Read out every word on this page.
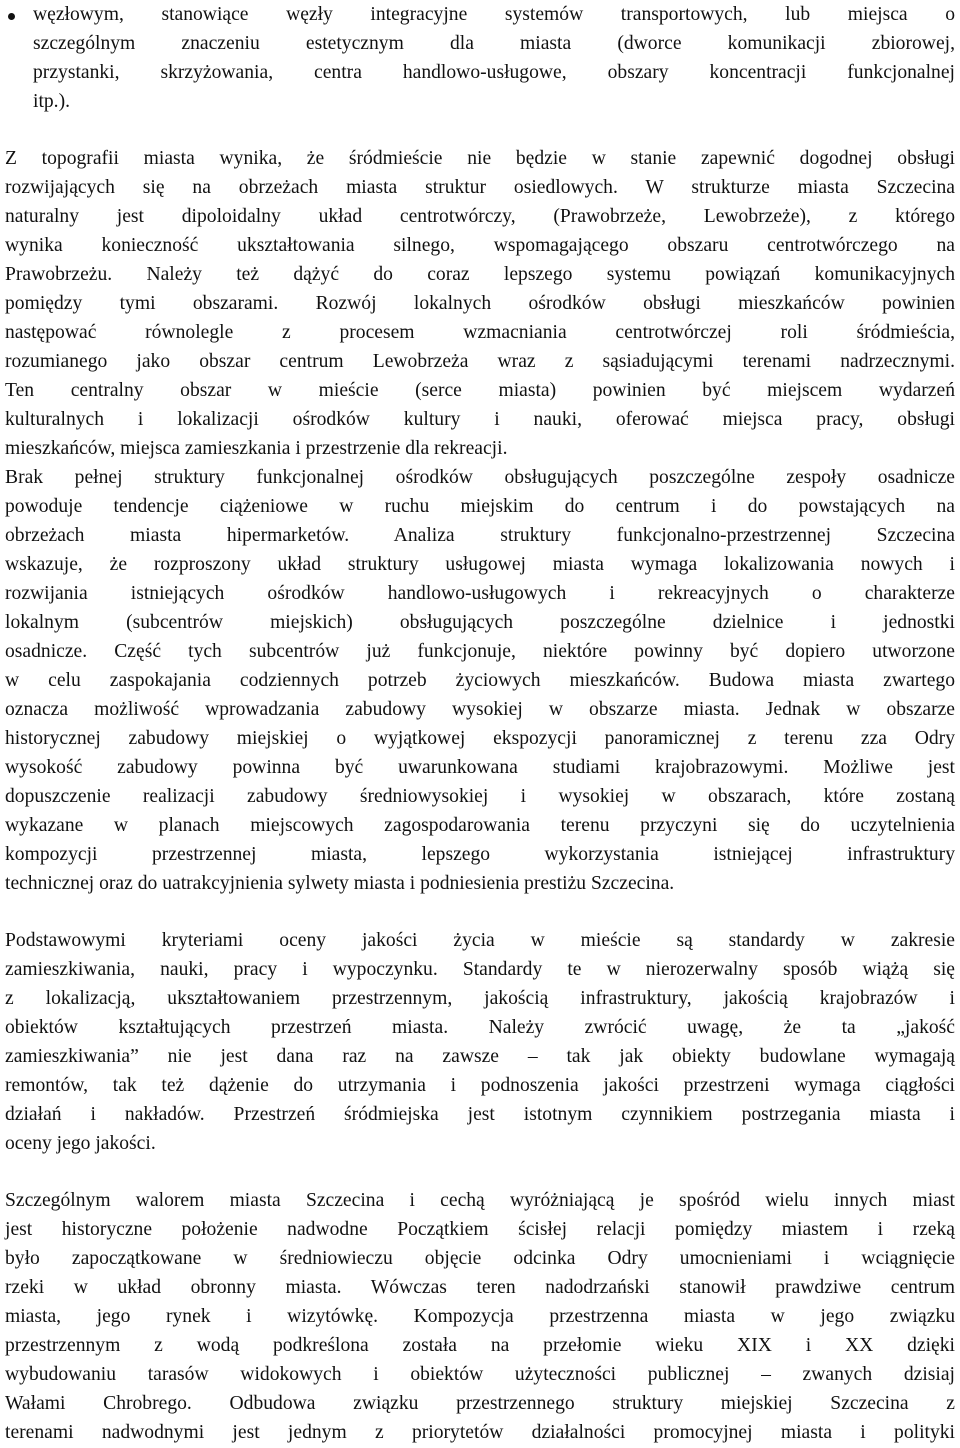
węzłowym, stanowiące węzły integracyjne systemów transportowych, lub miejsca o
szczególnym znaczeniu estetycznym dla miasta (dworce komunikacji zbiorowej,
przystanki, skrzyżowania, centra handlowo-usługowe, obszary koncentracji funkcjonalnej
itp.).
Z topografii miasta wynika, że śródmieście nie będzie w stanie zapewnić dogodnej obsługi
rozwijających się na obrzeżach miasta struktur osiedlowych. W strukturze miasta Szczecina
naturalny jest dipoloidalny układ centrotwórczy, (Prawobrzeże, Lewobrzeże), z którego
wynika konieczność ukształtowania silnego, wspomagającego obszaru centrotwórczego na
Prawobrzeżu. Należy też dążyć do coraz lepszego systemu powiązań komunikacyjnych
pomiędzy tymi obszarami. Rozwój lokalnych ośrodków obsługi mieszkańców powinien
następować równolegle z procesem wzmacniania centrotwórczej roli śródmieścia,
rozumianego jako obszar centrum Lewobrzeża wraz z sąsiadującymi terenami nadrzecznymi.
Ten centralny obszar w mieście (serce miasta) powinien być miejscem wydarzeń
kulturalnych i lokalizacji ośrodków kultury i nauki, oferować miejsca pracy, obsługi
mieszkańców, miejsca zamieszkania i przestrzenie dla rekreacji.
Brak pełnej struktury funkcjonalnej ośrodków obsługujących poszczególne zespoły osadnicze
powoduje tendencje ciążeniowe w ruchu miejskim do centrum i do powstających na
obrzeżach miasta hipermarketów. Analiza struktury funkcjonalno-przestrzennej Szczecina
wskazuje, że rozproszony układ struktury usługowej miasta wymaga lokalizowania nowych i
rozwijania istniejących ośrodków handlowo-usługowych i rekreacyjnych o charakterze
lokalnym (subcentrów miejskich) obsługujących poszczególne dzielnice i jednostki
osadnicze. Część tych subcentrów już funkcjonuje, niektóre powinny być dopiero utworzone
w celu zaspokajania codziennych potrzeb życiowych mieszkańców. Budowa miasta zwartego
oznacza możliwość wprowadzania zabudowy wysokiej w obszarze miasta. Jednak w obszarze
historycznej zabudowy miejskiej o wyjątkowej ekspozycji panoramicznej z terenu zza Odry
wysokość zabudowy powinna być uwarunkowana studiami krajobrazowymi. Możliwe jest
dopuszczenie realizacji zabudowy średniowysokiej i wysokiej w obszarach, które zostaną
wykazane w planach miejscowych zagospodarowania terenu przyczyni się do uczytelnienia
kompozycji przestrzennej miasta, lepszego wykorzystania istniejącej infrastruktury
technicznej oraz do uatrakcyjnienia sylwety miasta i podniesienia prestiżu Szczecina.
Podstawowymi kryteriami oceny jakości życia w mieście są standardy w zakresie
zamieszkiwania, nauki, pracy i wypoczynku. Standardy te w nierozerwalny sposób wiążą się
z lokalizacją, ukształtowaniem przestrzennym, jakością infrastruktury, jakością krajobrazów i
obiektów kształtujących przestrzeń miasta. Należy zwrócić uwagę, że ta „jakość
zamieszkiwania” nie jest dana raz na zawsze – tak jak obiekty budowlane wymagają
remontów, tak też dążenie do utrzymania i podnoszenia jakości przestrzeni wymaga ciągłości
działań i nakładów. Przestrzeń śródmiejska jest istotnym czynnikiem postrzegania miasta i
oceny jego jakości.
Szczególnym walorem miasta Szczecina i cechą wyróżniającą je spośród wielu innych miast
jest historyczne położenie nadwodne Początkiem ścisłej relacji pomiędzy miastem i rzeką
było zapoczątkowane w średniowieczu objęcie odcinka Odry umocnieniami i wciągnięcie
rzeki w układ obronny miasta. Wówczas teren nadodrzański stanowił prawdziwe centrum
miasta, jego rynek i wizytówkę. Kompozycja przestrzenna miasta w jego związku
przestrzennym z wodą podkreślona została na przełomie wieku XIX i XX dzięki
wybudowaniu tarasów widokowych i obiektów użyteczności publicznej – zwanych dzisiaj
Wałami Chrobrego. Odbudowa związku przestrzennego struktury miejskiej Szczecina z
terenami nadwodnymi jest jednym z priorytetów działalności promocyjnej miasta i polityki
